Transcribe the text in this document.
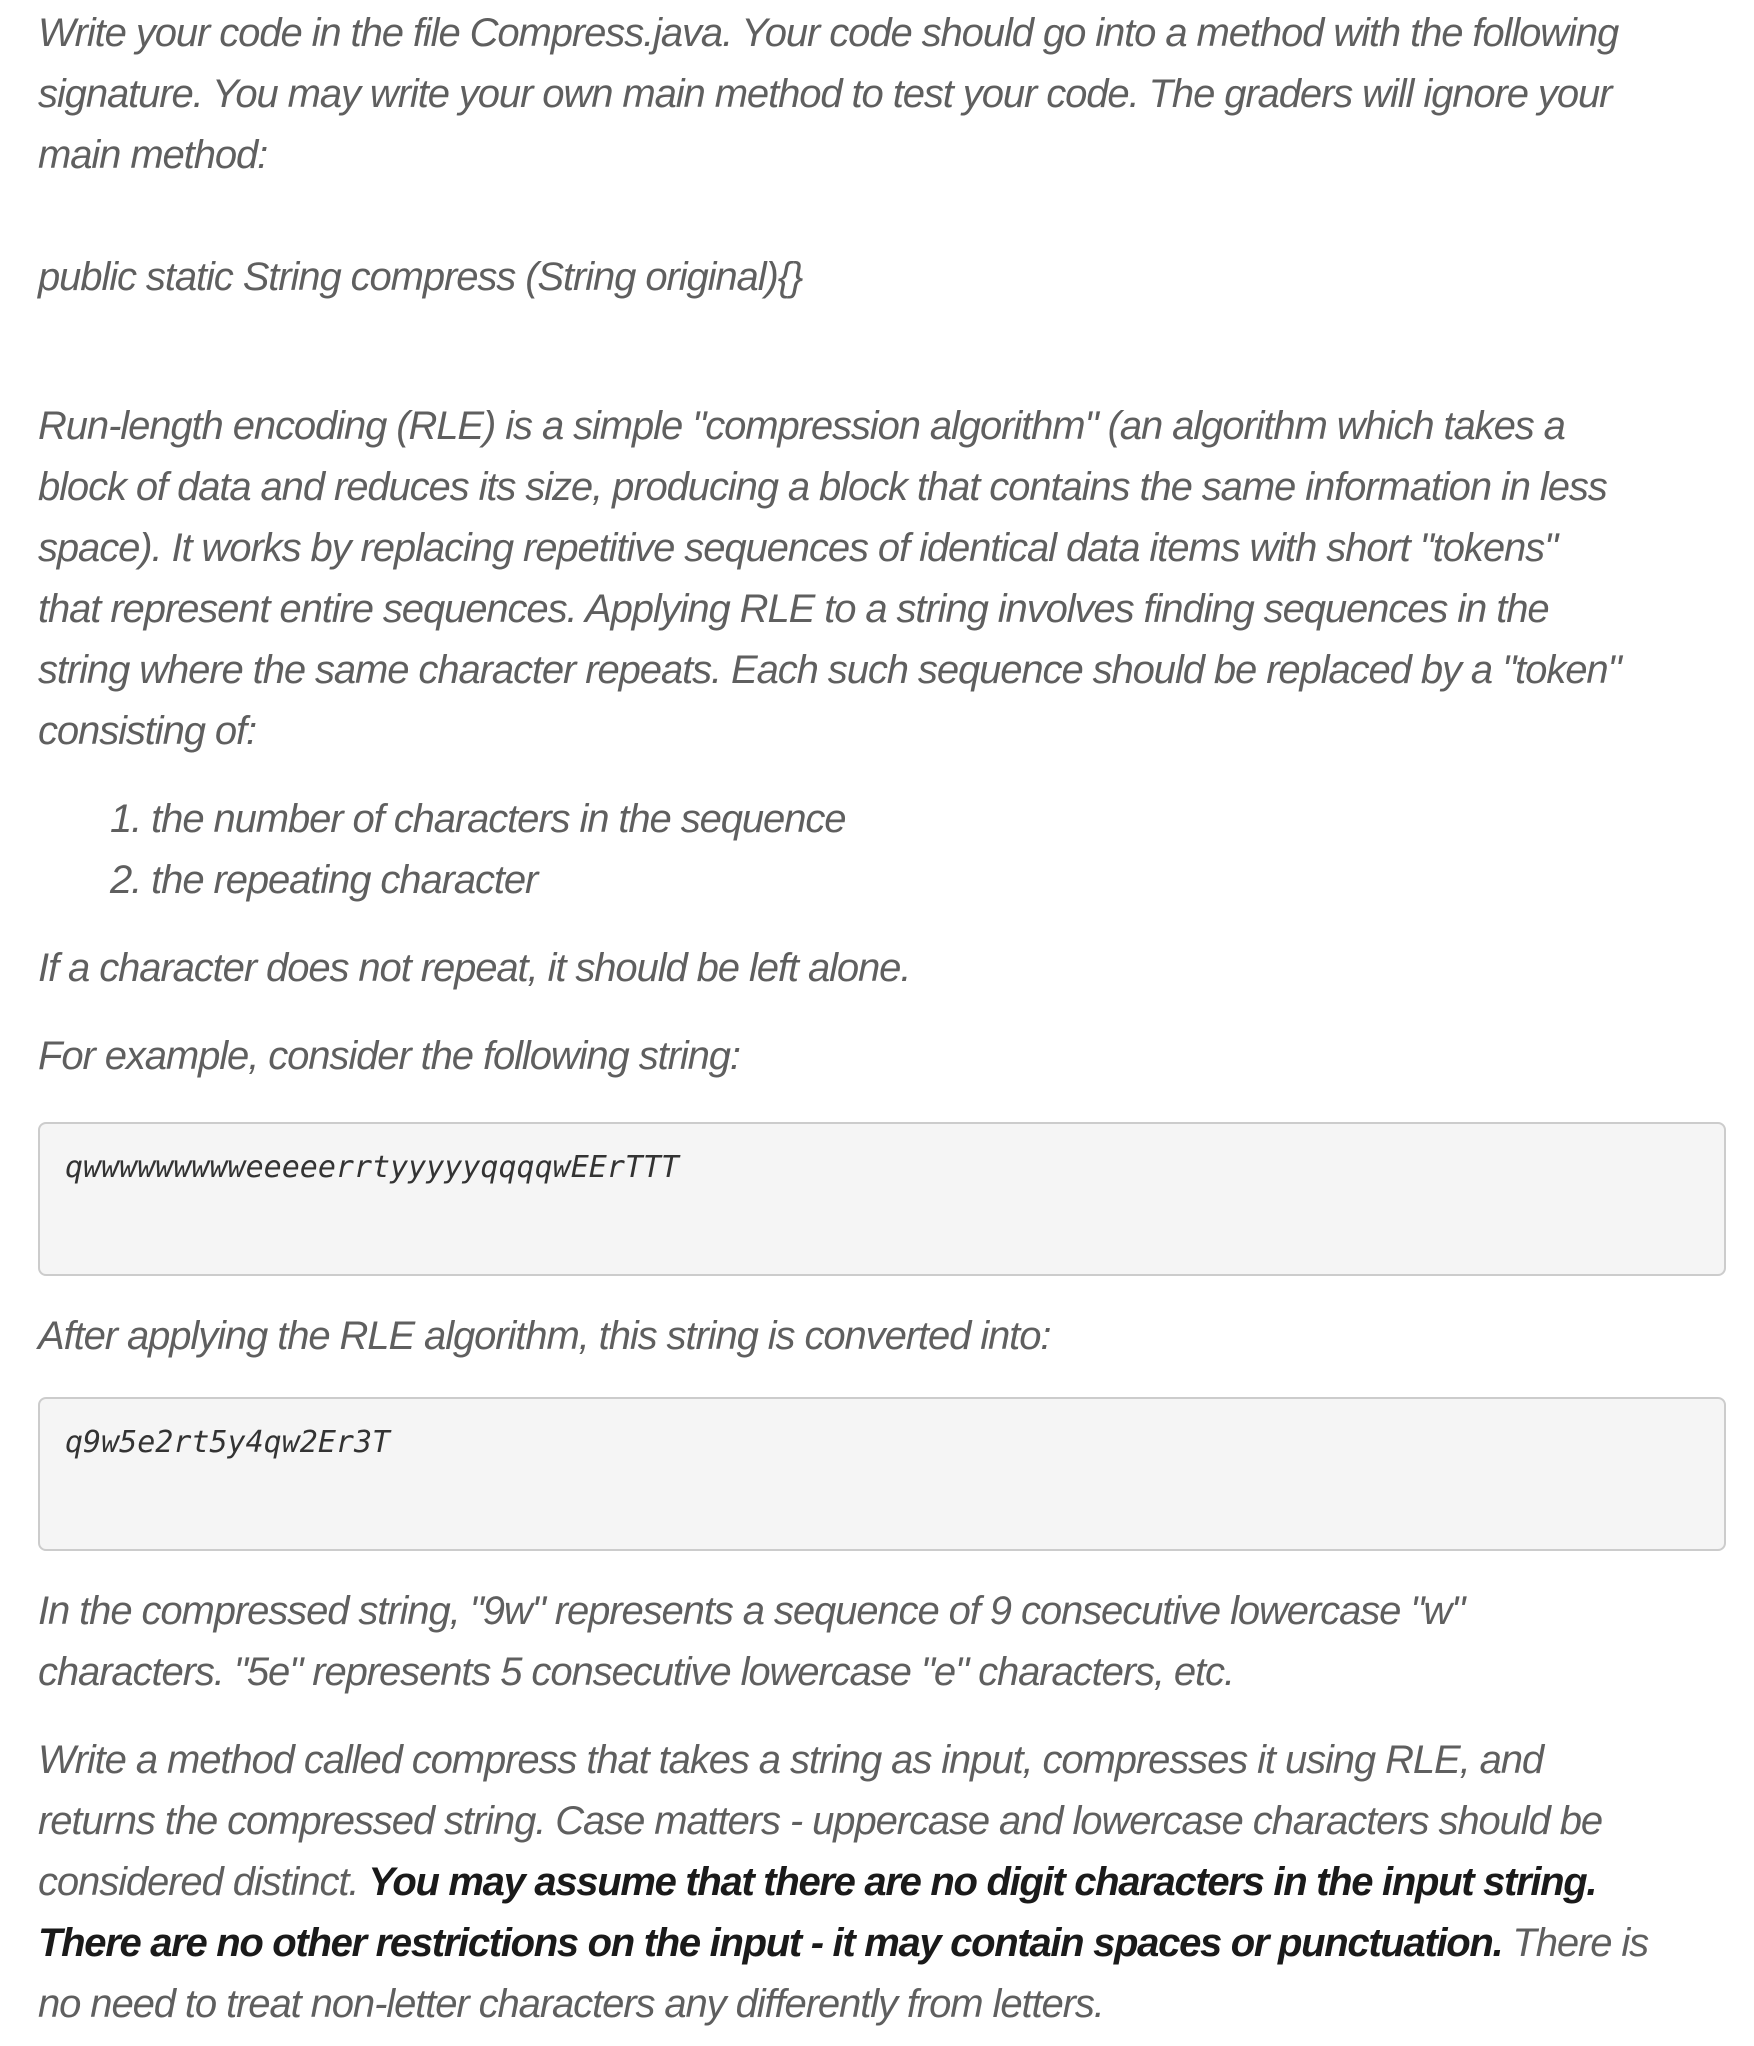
Write your code in the file Compress.java. Your code should go into a method with the following
signature. You may write your own main method to test your code. The graders will ignore your
main method:

public static String compress (String original){}

Run-length encoding (RLE) is a simple "compression algorithm" (an algorithm which takes a
block of data and reduces its size, producing a block that contains the same information in less
space). It works by replacing repetitive sequences of identical data items with short "tokens"
that represent entire sequences. Applying RLE to a string involves finding sequences in the
string where the same character repeats. Each such sequence should be replaced by a "token"
consisting of:

1. the number of characters in the sequence
2. the repeating character

If a character does not repeat, it should be left alone.

For example, consider the following string:

qwwwwwwwwweeeeerrtyyyyyqqqqwEErTTT

After applying the RLE algorithm, this string is converted into:

q9w5e2rt5y4qw2Er3T

In the compressed string, "9w" represents a sequence of 9 consecutive lowercase "w"
characters. "5e" represents 5 consecutive lowercase "e" characters, etc.

Write a method called compress that takes a string as input, compresses it using RLE, and
returns the compressed string. Case matters - uppercase and lowercase characters should be
considered distinct. You may assume that there are no digit characters in the input string.
There are no other restrictions on the input - it may contain spaces or punctuation. There is
no need to treat non-letter characters any differently from letters.
